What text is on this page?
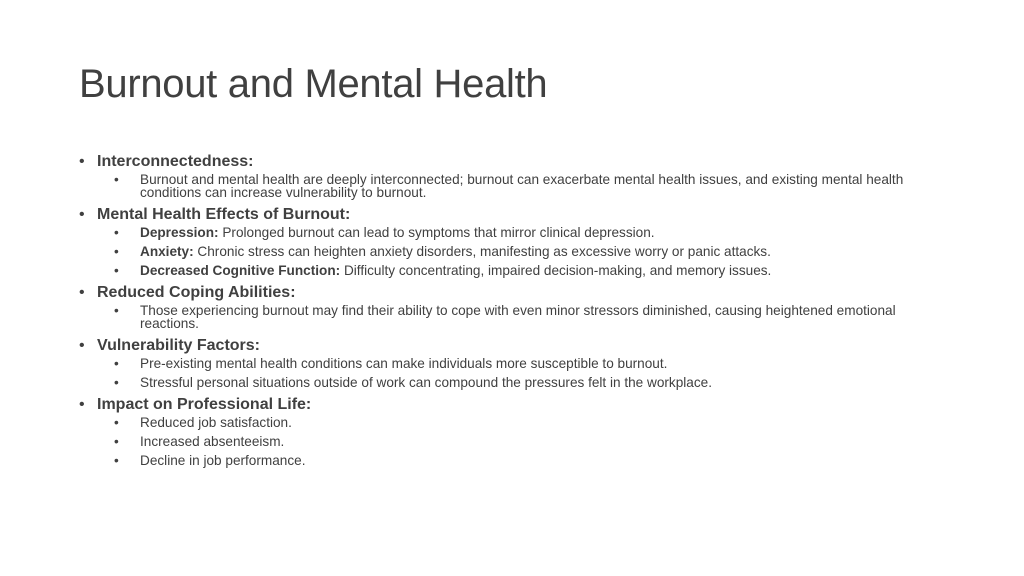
Burnout and Mental Health
• Interconnectedness:
• Burnout and mental health are deeply interconnected; burnout can exacerbate mental health issues, and existing mental health conditions can increase vulnerability to burnout.
• Mental Health Effects of Burnout:
• Depression: Prolonged burnout can lead to symptoms that mirror clinical depression.
• Anxiety: Chronic stress can heighten anxiety disorders, manifesting as excessive worry or panic attacks.
• Decreased Cognitive Function: Difficulty concentrating, impaired decision-making, and memory issues.
• Reduced Coping Abilities:
• Those experiencing burnout may find their ability to cope with even minor stressors diminished, causing heightened emotional reactions.
• Vulnerability Factors:
• Pre-existing mental health conditions can make individuals more susceptible to burnout.
• Stressful personal situations outside of work can compound the pressures felt in the workplace.
• Impact on Professional Life:
• Reduced job satisfaction.
• Increased absenteeism.
• Decline in job performance.
